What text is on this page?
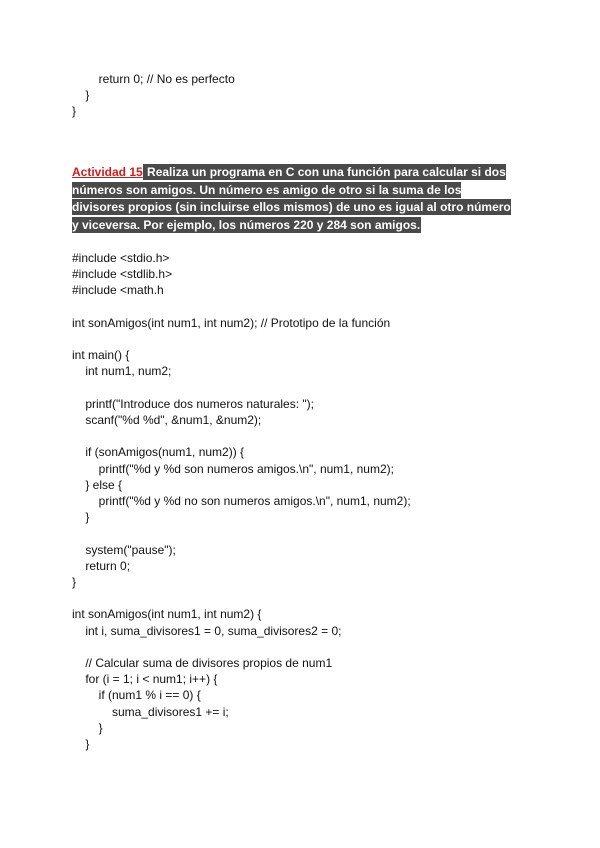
return 0; // No es perfecto
}
}
Actividad 15 Realiza un programa en C con una función para calcular si dos números son amigos. Un número es amigo de otro si la suma de los divisores propios (sin incluirse ellos mismos) de uno es igual al otro número y viceversa. Por ejemplo, los números 220 y 284 son amigos.
#include <stdio.h>
#include <stdlib.h>
#include <math.h
int sonAmigos(int num1, int num2); // Prototipo de la función
int main() {
int num1, num2;
printf("Introduce dos numeros naturales: ");
scanf("%d %d", &num1, &num2);
if (sonAmigos(num1, num2)) {
printf("%d y %d son numeros amigos.\n", num1, num2);
} else {
printf("%d y %d no son numeros amigos.\n", num1, num2);
}
system("pause");
return 0;
}
int sonAmigos(int num1, int num2) {
int i, suma_divisores1 = 0, suma_divisores2 = 0;
// Calcular suma de divisores propios de num1
for (i = 1; i < num1; i++) {
if (num1 % i == 0) {
suma_divisores1 += i;
}
}
